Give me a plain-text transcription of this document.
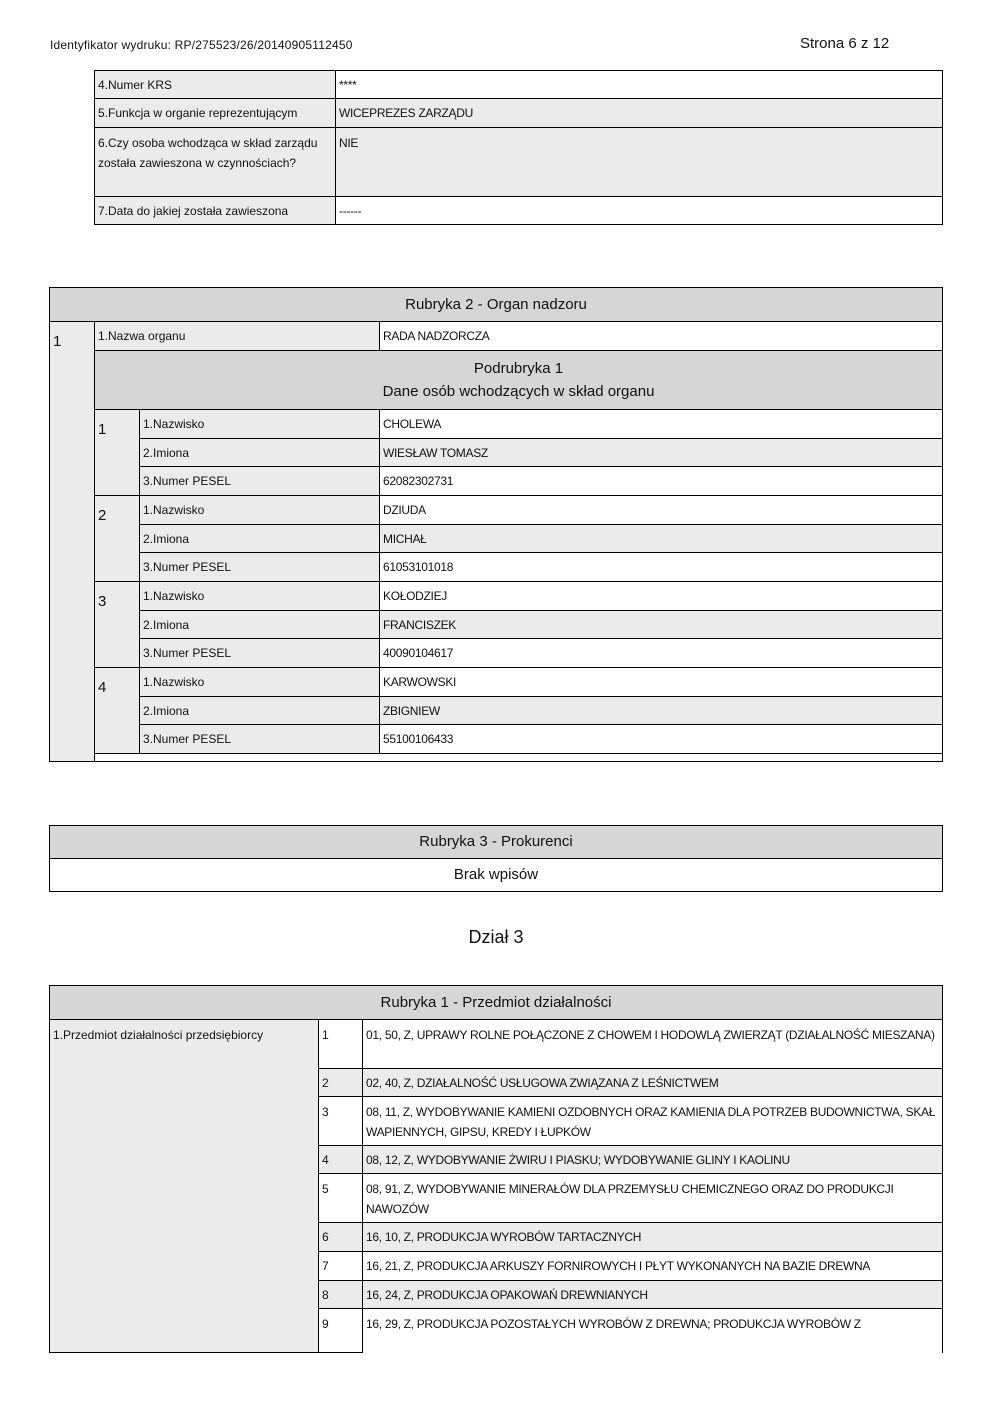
Identyfikator wydruku: RP/275523/26/20140905112450	Strona 6 z 12
4.Numer KRS	****
5.Funkcja w organie reprezentującym	WICEPREZES ZARZĄDU
6.Czy osoba wchodząca w skład zarządu została zawieszona w czynnościach?	NIE
7.Data do jakiej została zawieszona	------
Rubryka 2 - Organ nadzoru			
1	1.Nazwa organu		RADA NADZORCZA

	Podrubryka 1
Dane osób wchodzących w skład organu		

	1	1.Nazwisko	CHOLEWA
		2.Imiona	WIESŁAW TOMASZ
		3.Numer PESEL	62082302731
	2	1.Nazwisko	DZIUDA
		2.Imiona	MICHAŁ
		3.Numer PESEL	61053101018
	3	1.Nazwisko	KOŁODZIEJ
		2.Imiona	FRANCISZEK
		3.Numer PESEL	40090104617
	4	1.Nazwisko	KARWOWSKI
		2.Imiona	ZBIGNIEW
		3.Numer PESEL	55100106433

Rubryka 3 - Prokurenci
Brak wpisów
Dział 3
Rubryka 1 - Przedmiot działalności		
1.Przedmiot działalności przedsiębiorcy	1	01, 50, Z, UPRAWY ROLNE POŁĄCZONE Z CHOWEM I HODOWLĄ ZWIERZĄT (DZIAŁALNOŚĆ MIESZANA)
	2	02, 40, Z, DZIAŁALNOŚĆ USŁUGOWA ZWIĄZANA Z LEŚNICTWEM
	3	08, 11, Z, WYDOBYWANIE KAMIENI OZDOBNYCH ORAZ KAMIENIA DLA POTRZEB BUDOWNICTWA, SKAŁ WAPIENNYCH, GIPSU, KREDY I ŁUPKÓW
	4	08, 12, Z, WYDOBYWANIE ŻWIRU I PIASKU; WYDOBYWANIE GLINY I KAOLINU
	5	08, 91, Z, WYDOBYWANIE MINERAŁÓW DLA PRZEMYSŁU CHEMICZNEGO ORAZ DO PRODUKCJI NAWOZÓW
	6	16, 10, Z, PRODUKCJA WYROBÓW TARTACZNYCH
	7	16, 21, Z, PRODUKCJA ARKUSZY FORNIROWYCH I PŁYT WYKONANYCH NA BAZIE DREWNA
	8	16, 24, Z, PRODUKCJA OPAKOWAŃ DREWNIANYCH
	9	16, 29, Z, PRODUKCJA POZOSTAŁYCH WYROBÓW Z DREWNA; PRODUKCJA WYROBÓW Z
